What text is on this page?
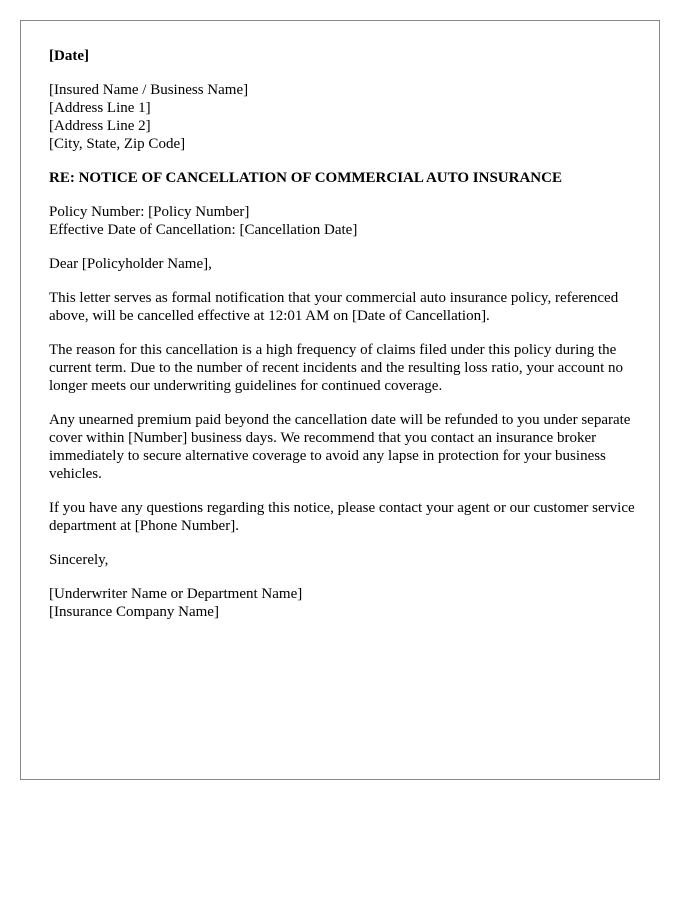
[Date]
[Insured Name / Business Name]
[Address Line 1]
[Address Line 2]
[City, State, Zip Code]
RE: NOTICE OF CANCELLATION OF COMMERCIAL AUTO INSURANCE
Policy Number: [Policy Number]
Effective Date of Cancellation: [Cancellation Date]
Dear [Policyholder Name],

This letter serves as formal notification that your commercial auto insurance policy, referenced above, will be cancelled effective at 12:01 AM on [Date of Cancellation].

The reason for this cancellation is a high frequency of claims filed under this policy during the current term. Due to the number of recent incidents and the resulting loss ratio, your account no longer meets our underwriting guidelines for continued coverage.

Any unearned premium paid beyond the cancellation date will be refunded to you under separate cover within [Number] business days. We recommend that you contact an insurance broker immediately to secure alternative coverage to avoid any lapse in protection for your business vehicles.

If you have any questions regarding this notice, please contact your agent or our customer service department at [Phone Number].

Sincerely,
[Underwriter Name or Department Name]
[Insurance Company Name]
